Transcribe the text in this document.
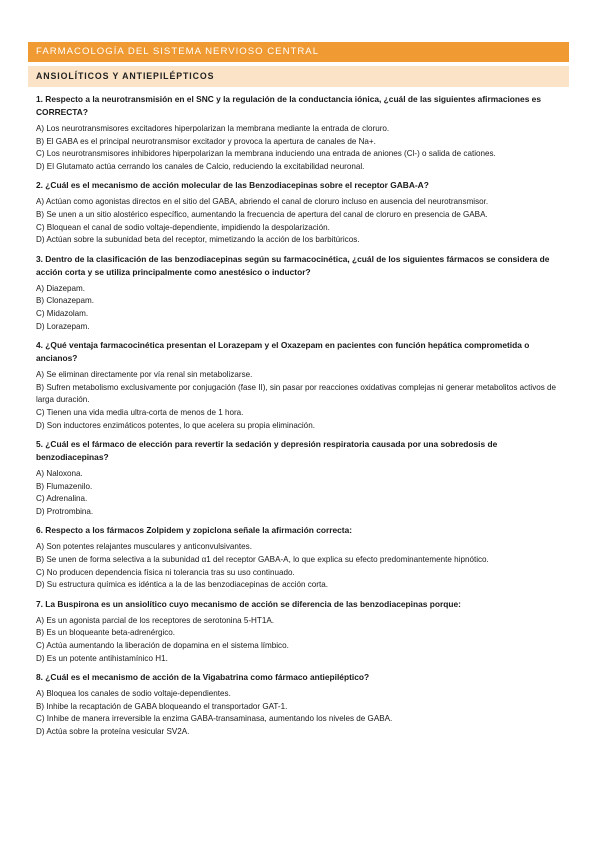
FARMACOLOGÍA DEL SISTEMA NERVIOSO CENTRAL
ANSIOLÍTICOS Y ANTIEPILÉPTICOS

1. Respecto a la neurotransmisión en el SNC y la regulación de la conductancia iónica, ¿cuál de las siguientes afirmaciones es CORRECTA?

A) Los neurotransmisores excitadores hiperpolarizan la membrana mediante la entrada de cloruro.

B) El GABA es el principal neurotransmisor excitador y provoca la apertura de canales de Na+.

C) Los neurotransmisores inhibidores hiperpolarizan la membrana induciendo una entrada de aniones (Cl-) o salida de cationes.

D) El Glutamato actúa cerrando los canales de Calcio, reduciendo la excitabilidad neuronal.

2. ¿Cuál es el mecanismo de acción molecular de las Benzodiacepinas sobre el receptor GABA-A?

A) Actúan como agonistas directos en el sitio del GABA, abriendo el canal de cloruro incluso en ausencia del neurotransmisor.

B) Se unen a un sitio alostérico específico, aumentando la frecuencia de apertura del canal de cloruro en presencia de GABA.

C) Bloquean el canal de sodio voltaje-dependiente, impidiendo la despolarización.

D) Actúan sobre la subunidad beta del receptor, mimetizando la acción de los barbitúricos.

3. Dentro de la clasificación de las benzodiacepinas según su farmacocinética, ¿cuál de los siguientes fármacos se considera de acción corta y se utiliza principalmente como anestésico o inductor?

A) Diazepam.

B) Clonazepam.

C) Midazolam.

D) Lorazepam.

4. ¿Qué ventaja farmacocinética presentan el Lorazepam y el Oxazepam en pacientes con función hepática comprometida o ancianos?

A) Se eliminan directamente por vía renal sin metabolizarse.

B) Sufren metabolismo exclusivamente por conjugación (fase II), sin pasar por reacciones oxidativas complejas ni generar metabolitos activos de larga duración.

C) Tienen una vida media ultra-corta de menos de 1 hora.

D) Son inductores enzimáticos potentes, lo que acelera su propia eliminación.

5. ¿Cuál es el fármaco de elección para revertir la sedación y depresión respiratoria causada por una sobredosis de benzodiacepinas?

A) Naloxona.

B) Flumazenilo.

C) Adrenalina.

D) Protrombina.

6. Respecto a los fármacos Zolpidem y zopiclona señale la afirmación correcta:

A) Son potentes relajantes musculares y anticonvulsivantes.

B) Se unen de forma selectiva a la subunidad α1 del receptor GABA-A, lo que explica su efecto predominantemente hipnótico.

C) No producen dependencia física ni tolerancia tras su uso continuado.

D) Su estructura química es idéntica a la de las benzodiacepinas de acción corta.

7. La Buspirona es un ansiolítico cuyo mecanismo de acción se diferencia de las benzodiacepinas porque:

A) Es un agonista parcial de los receptores de serotonina 5-HT1A.

B) Es un bloqueante beta-adrenérgico.

C) Actúa aumentando la liberación de dopamina en el sistema límbico.

D) Es un potente antihistamínico H1.

8. ¿Cuál es el mecanismo de acción de la Vigabatrina como fármaco antiepiléptico?

A) Bloquea los canales de sodio voltaje-dependientes.

B) Inhibe la recaptación de GABA bloqueando el transportador GAT-1.

C) Inhibe de manera irreversible la enzima GABA-transaminasa, aumentando los niveles de GABA.

D) Actúa sobre la proteína vesicular SV2A.
